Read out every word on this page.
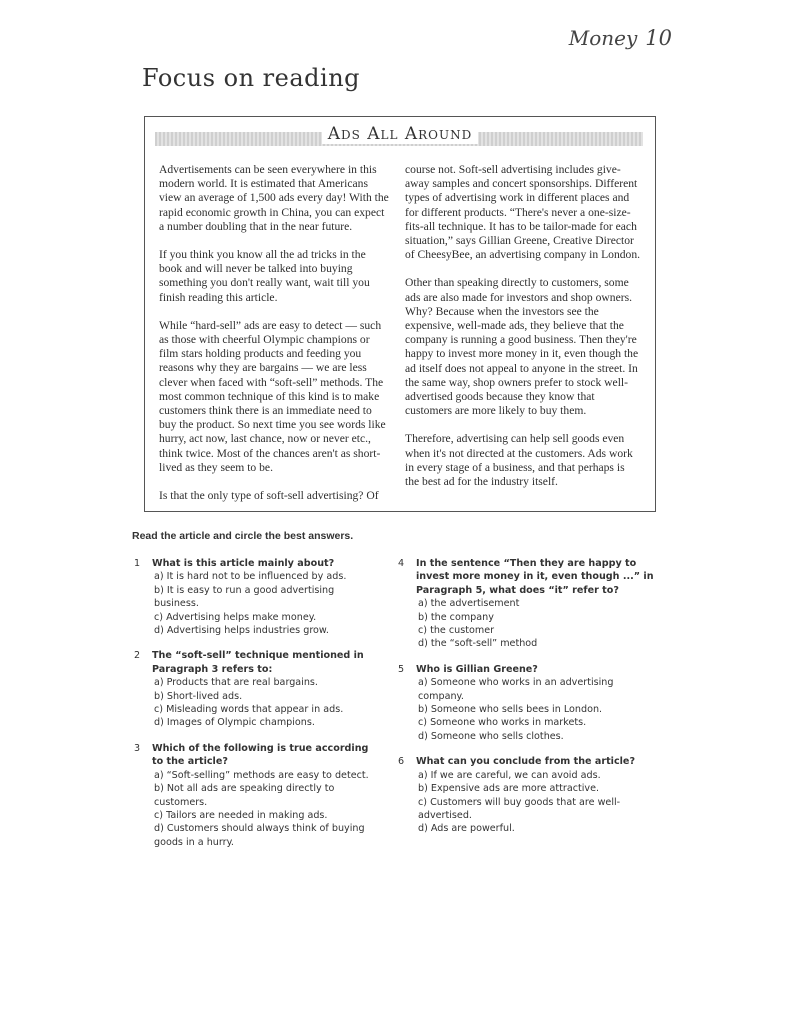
Money 10
Focus on reading
Ads All Around

Advertisements can be seen everywhere in this modern world. It is estimated that Americans view an average of 1,500 ads every day! With the rapid economic growth in China, you can expect a number doubling that in the near future.

If you think you know all the ad tricks in the book and will never be talked into buying something you don't really want, wait till you finish reading this article.

While “hard-sell” ads are easy to detect — such as those with cheerful Olympic champions or film stars holding products and feeding you reasons why they are bargains — we are less clever when faced with “soft-sell” methods. The most common technique of this kind is to make customers think there is an immediate need to buy the product. So next time you see words like hurry, act now, last chance, now or never etc., think twice. Most of the chances aren't as short-lived as they seem to be.

Is that the only type of soft-sell advertising? Of

course not. Soft-sell advertising includes give-away samples and concert sponsorships. Different types of advertising work in different places and for different products. “There's never a one-size-fits-all technique. It has to be tailor-made for each situation,” says Gillian Greene, Creative Director of CheesyBee, an advertising company in London.

Other than speaking directly to customers, some ads are also made for investors and shop owners. Why? Because when the investors see the expensive, well-made ads, they believe that the company is running a good business. Then they're happy to invest more money in it, even though the ad itself does not appeal to anyone in the street. In the same way, shop owners prefer to stock well-advertised goods because they know that customers are more likely to buy them.

Therefore, advertising can help sell goods even when it's not directed at the customers. Ads work in every stage of a business, and that perhaps is the best ad for the industry itself.

Read the article and circle the best answers.
1 What is this article mainly about?
a) It is hard not to be influenced by ads.
b) It is easy to run a good advertising business.
c) Advertising helps make money.
d) Advertising helps industries grow.
2 The “soft-sell” technique mentioned in Paragraph 3 refers to:
a) Products that are real bargains.
b) Short-lived ads.
c) Misleading words that appear in ads.
d) Images of Olympic champions.
3 Which of the following is true according to the article?
a) “Soft-selling” methods are easy to detect.
b) Not all ads are speaking directly to customers.
c) Tailors are needed in making ads.
d) Customers should always think of buying goods in a hurry.
4 In the sentence “Then they are happy to invest more money in it, even though ...” in Paragraph 5, what does “it” refer to?
a) the advertisement
b) the company
c) the customer
d) the “soft-sell” method
5 Who is Gillian Greene?
a) Someone who works in an advertising company.
b) Someone who sells bees in London.
c) Someone who works in markets.
d) Someone who sells clothes.
6 What can you conclude from the article?
a) If we are careful, we can avoid ads.
b) Expensive ads are more attractive.
c) Customers will buy goods that are well-advertised.
d) Ads are powerful.
